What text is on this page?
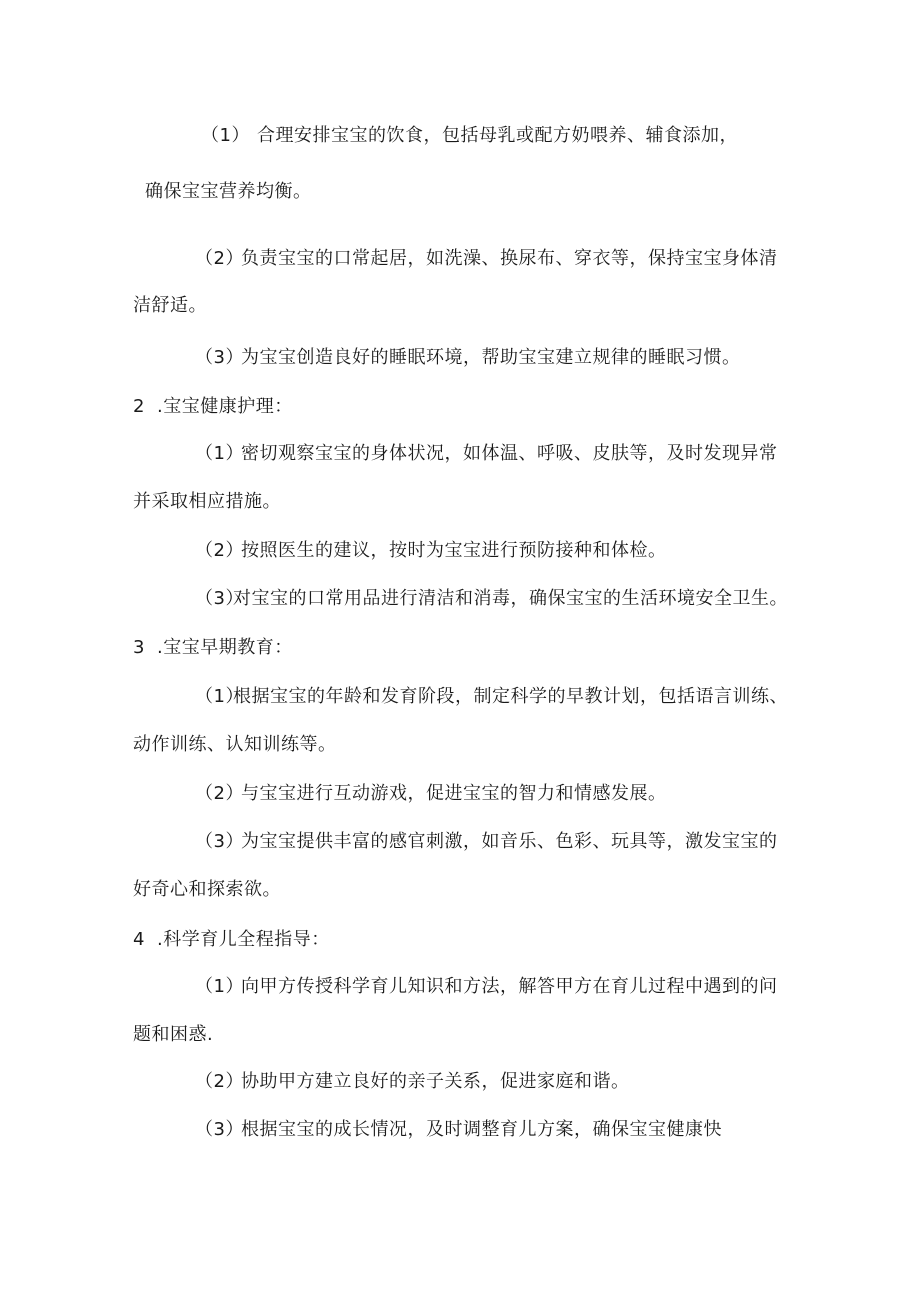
（1） 合理安排宝宝的饮食，包括母乳或配方奶喂养、辅食添加，
确保宝宝营养均衡。
（2）
负责宝宝的口常起居，如洗澡、换尿布、穿衣等，保持宝宝身体清
洁舒适。
（3）
为宝宝创造良好的睡眠环境，帮助宝宝建立规律的睡眠习惯。
2 .宝宝健康护理：
（1）
密切观察宝宝的身体状况，如体温、呼吸、皮肤等，及时发现异常
并采取相应措施。
（2）
按照医生的建议，按时为宝宝进行预防接种和体检。
（3）
对宝宝的口常用品进行清洁和消毒，确保宝宝的生活环境安全卫生。
3 .宝宝早期教育：
（1）
根据宝宝的年龄和发育阶段，制定科学的早教计划，包括语言训练、
动作训练、认知训练等。
（2）
与宝宝进行互动游戏，促进宝宝的智力和情感发展。
（3）
为宝宝提供丰富的感官刺激，如音乐、色彩、玩具等，激发宝宝的
好奇心和探索欲。
4 .科学育儿全程指导：
（1）
向甲方传授科学育儿知识和方法，解答甲方在育儿过程中遇到的问
题和困惑.
（2）
协助甲方建立良好的亲子关系，促进家庭和谐。
（3）
根据宝宝的成长情况，及时调整育儿方案，确保宝宝健康快
